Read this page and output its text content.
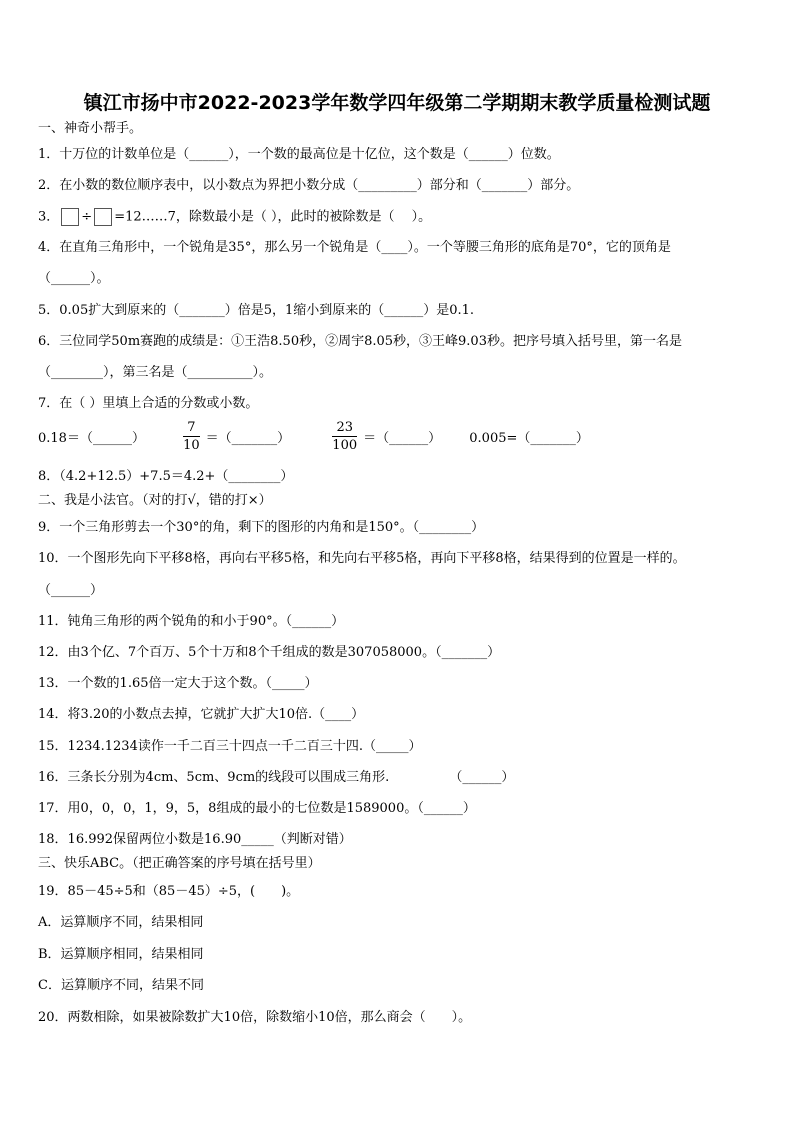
镇江市扬中市2022-2023学年数学四年级第二学期期末教学质量检测试题
一、神奇小帮手。
1．十万位的计数单位是（______），一个数的最高位是十亿位，这个数是（______）位数。
2．在小数的数位顺序表中，以小数点为界把小数分成（_________）部分和（_______）部分。
3． ÷ =12……7，除数最小是（ ），此时的被除数是（　 ）。
4．在直角三角形中，一个锐角是35°，那么另一个锐角是（____）。一个等腰三角形的底角是70°，它的顶角是
（______）。
5．0.05扩大到原来的（_______）倍是5，1缩小到原来的（______）是0.1.
6．三位同学50m赛跑的成绩是：①王浩8.50秒，②周宇8.05秒，③王峰9.03秒。把序号填入括号里，第一名是
（________），第三名是（__________）。
7．在（ ）里填上合适的分数或小数。
0.18＝（______）	$\frac{7}{10}$ ＝（_______）	$\frac{23}{100}$ ＝（______） 0.005=（_______）
8．（4.2+12.5）+7.5＝4.2+（________）
二、我是小法官。（对的打√，错的打×）
9．一个三角形剪去一个30°的角，剩下的图形的内角和是150°。（________）
10．一个图形先向下平移8格，再向右平移5格，和先向右平移5格，再向下平移8格，结果得到的位置是一样的。
（______）
11．钝角三角形的两个锐角的和小于90°。（______）
12．由3个亿、7个百万、5个十万和8个千组成的数是307058000。（_______）
13．一个数的1.65倍一定大于这个数。（_____）
14．将3.20的小数点去掉，它就扩大扩大10倍.（____）
15．1234.1234读作一千二百三十四点一千二百三十四.（_____）
16．三条长分别为4cm、5cm、9cm的线段可以围成三角形.	（______）
17．用0，0，0，1，9，5，8组成的最小的七位数是1589000。（______）
18．16.992保留两位小数是16.90_____（判断对错）
三、快乐ABC。（把正确答案的序号填在括号里）
19．85－45÷5和（85－45）÷5，(　　)。
A．运算顺序不同，结果相同
B．运算顺序相同，结果相同
C．运算顺序不同，结果不同
20．两数相除，如果被除数扩大10倍，除数缩小10倍，那么商会（　　）。
